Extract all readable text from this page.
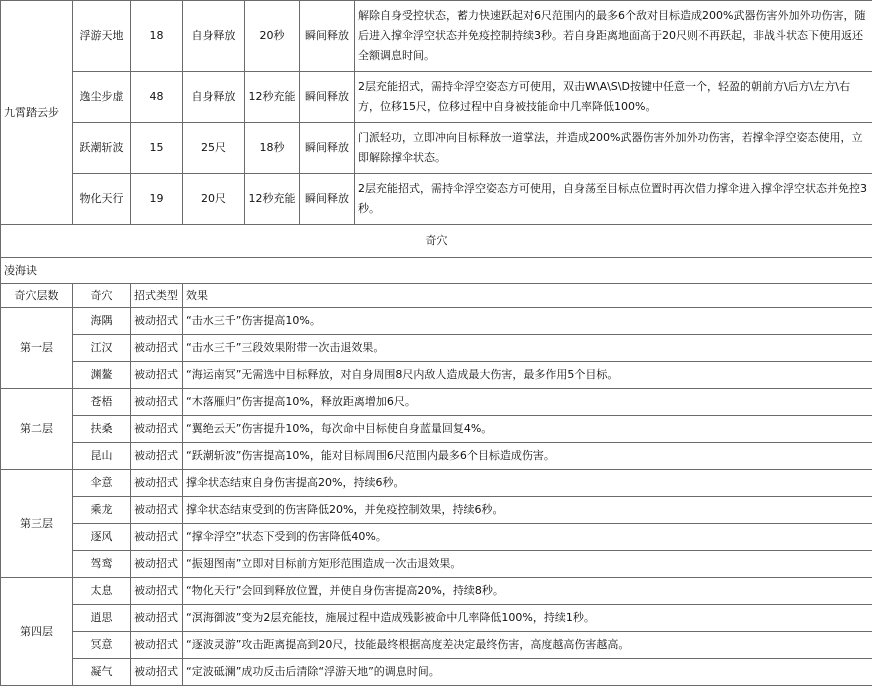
九霄踏云步	浮游天地	18	自身释放	20秒	瞬间释放	解除自身受控状态，蓄力快速跃起对6尺范围内的最多6个敌对目标造成200%武器伤害外加外功伤害，随后进入撑伞浮空状态并免疫控制持续3秒。若自身距离地面高于20尺则不再跃起，非战斗状态下使用返还全额调息时间。
	逸尘步虚	48	自身释放	12秒充能	瞬间释放	2层充能招式，需持伞浮空姿态方可使用，双击W\A\S\D按键中任意一个，轻盈的朝前方\后方\左方\右方，位移15尺，位移过程中自身被技能命中几率降低100%。
	跃潮斩波	15	25尺	18秒	瞬间释放	门派轻功，立即冲向目标释放一道掌法，并造成200%武器伤害外加外功伤害，若撑伞浮空姿态使用，立即解除撑伞状态。
	物化天行	19	20尺	12秒充能	瞬间释放	2层充能招式，需持伞浮空姿态方可使用，自身荡至目标点位置时再次借力撑伞进入撑伞浮空状态并免控3秒。
奇穴			
凌海诀			
奇穴层数	奇穴	招式类型	效果
第一层	海隅	被动招式	“击水三千”伤害提高10%。
	江汉	被动招式	“击水三千”三段效果附带一次击退效果。
	渊鳌	被动招式	“海运南冥”无需选中目标释放，对自身周围8尺内敌人造成最大伤害，最多作用5个目标。
第二层	苍梧	被动招式	“木落雁归”伤害提高10%，释放距离增加6尺。
	扶桑	被动招式	“翼绝云天”伤害提升10%，每次命中目标使自身蓝量回复4%。
	昆山	被动招式	“跃潮斩波”伤害提高10%，能对目标周围6尺范围内最多6个目标造成伤害。
第三层	伞意	被动招式	撑伞状态结束自身伤害提高20%，持续6秒。
	乘龙	被动招式	撑伞状态结束受到的伤害降低20%，并免疫控制效果，持续6秒。
	逐风	被动招式	“撑伞浮空”状态下受到的伤害降低40%。
	驾鸾	被动招式	“振翅图南”立即对目标前方矩形范围造成一次击退效果。
第四层	太息	被动招式	“物化天行”会回到释放位置，并使自身伤害提高20%，持续8秒。
	逍思	被动招式	“溟海御波”变为2层充能技，施展过程中造成残影被命中几率降低100%，持续1秒。
	冥意	被动招式	“逐波灵游”攻击距离提高到20尺，技能最终根据高度差决定最终伤害，高度越高伤害越高。
	凝气	被动招式	“定波砥澜”成功反击后清除“浮游天地”的调息时间。
